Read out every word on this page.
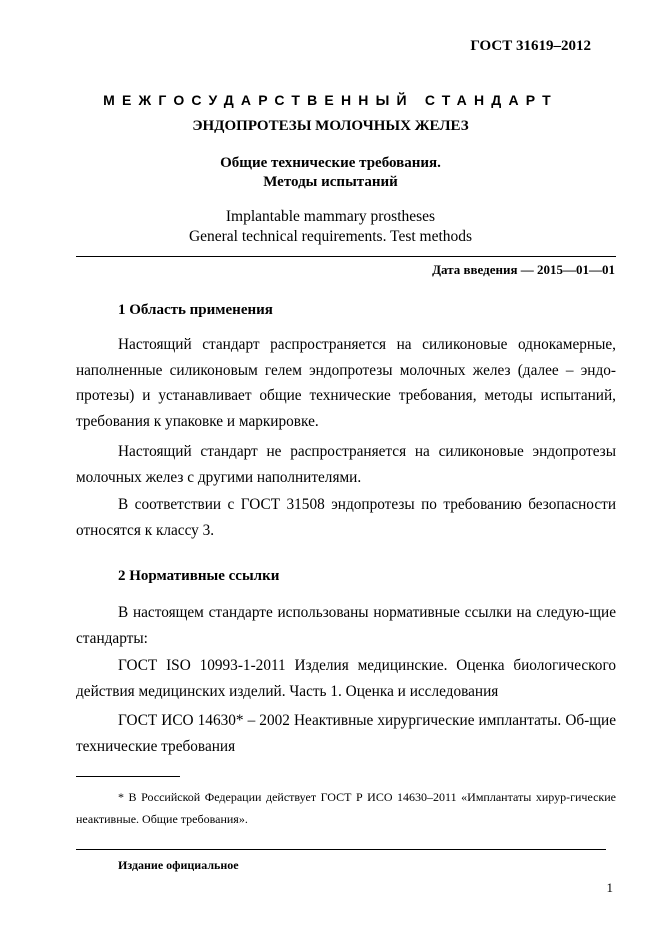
ГОСТ 31619–2012
МЕЖГОСУДАРСТВЕННЫЙ СТАНДАРТ
ЭНДОПРОТЕЗЫ МОЛОЧНЫХ ЖЕЛЕЗ
Общие технические требования.
Методы испытаний
Implantable mammary prostheses
General technical requirements. Test methods
Дата введения — 2015—01—01
1 Область применения
Настоящий стандарт распространяется на силиконовые однокамерные, наполненные силиконовым гелем эндопротезы молочных желез (далее – эндо-протезы) и устанавливает общие технические требования, методы испытаний, требования к упаковке и маркировке.
Настоящий стандарт не распространяется на силиконовые эндопротезы молочных желез с другими наполнителями.
В соответствии с ГОСТ 31508 эндопротезы по требованию безопасности относятся к классу 3.
2 Нормативные ссылки
В настоящем стандарте использованы нормативные ссылки на следую-щие стандарты:
ГОСТ ISO 10993-1-2011 Изделия медицинские. Оценка биологического действия медицинских изделий. Часть 1. Оценка и исследования
ГОСТ ИСО 14630* – 2002 Неактивные хирургические имплантаты. Об-щие технические требования
* В Российской Федерации действует ГОСТ Р ИСО 14630–2011 «Имплантаты хирур-гические неактивные. Общие требования».
Издание официальное
1
